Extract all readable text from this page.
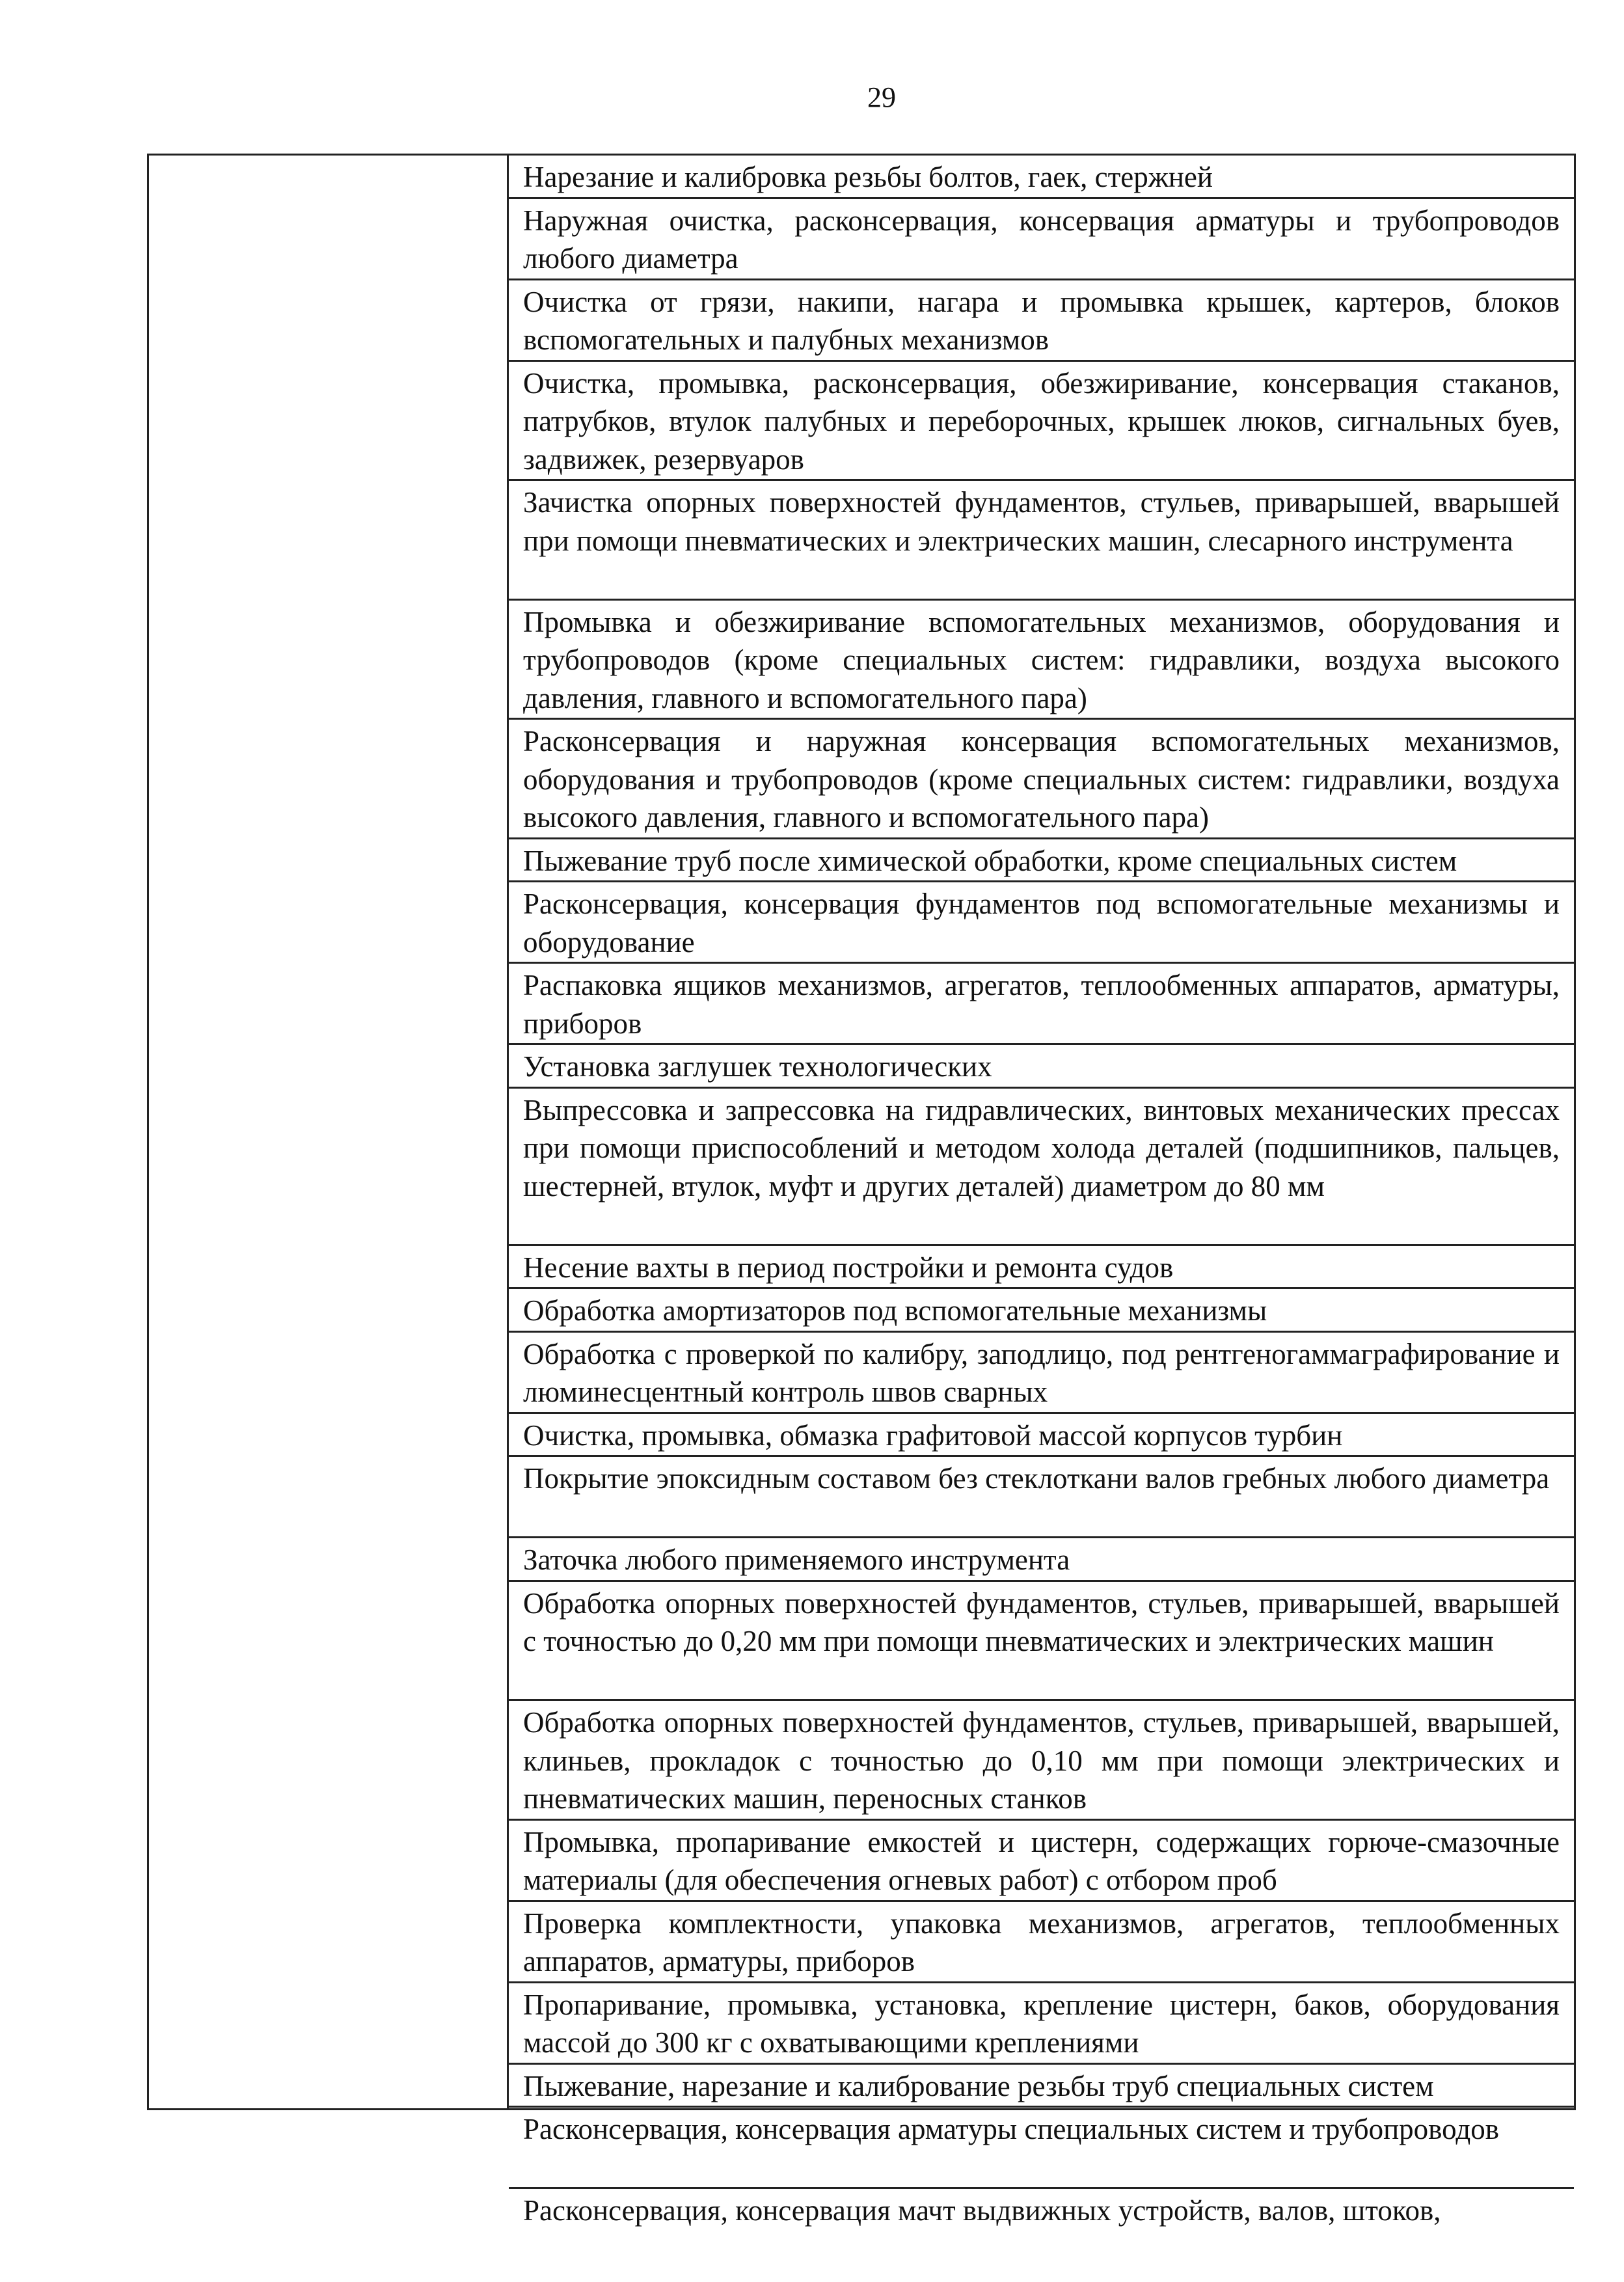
29
Нарезание и калибровка резьбы болтов, гаек, стержней
Наружная очистка, расконсервация, консервация арматуры и трубопроводов любого диаметра
Очистка от грязи, накипи, нагара и промывка крышек, картеров, блоков вспомогательных и палубных механизмов
Очистка, промывка, расконсервация, обезжиривание, консервация стаканов, патрубков, втулок палубных и переборочных, крышек люков, сигнальных буев, задвижек, резервуаров
Зачистка опорных поверхностей фундаментов, стульев, приварышей, вварышей при помощи пневматических и электрических машин, слесарного инструмента
Промывка и обезжиривание вспомогательных механизмов, оборудования и трубопроводов (кроме специальных систем: гидравлики, воздуха высокого давления, главного и вспомогательного пара)
Расконсервация и наружная консервация вспомогательных механизмов, оборудования и трубопроводов (кроме специальных систем: гидравлики, воздуха высокого давления, главного и вспомогательного пара)
Пыжевание труб после химической обработки, кроме специальных систем
Расконсервация, консервация фундаментов под вспомогательные механизмы и оборудование
Распаковка ящиков механизмов, агрегатов, теплообменных аппаратов, арматуры, приборов
Установка заглушек технологических
Выпрессовка и запрессовка на гидравлических, винтовых механических прессах при помощи приспособлений и методом холода деталей (подшипников, пальцев, шестерней, втулок, муфт и других деталей) диаметром до 80 мм
Несение вахты в период постройки и ремонта судов
Обработка амортизаторов под вспомогательные механизмы
Обработка с проверкой по калибру, заподлицо, под рентгеногаммаграфирование и люминесцентный контроль швов сварных
Очистка, промывка, обмазка графитовой массой корпусов турбин
Покрытие эпоксидным составом без стеклоткани валов гребных любого диаметра
Заточка любого применяемого инструмента
Обработка опорных поверхностей фундаментов, стульев, приварышей, вварышей с точностью до 0,20 мм при помощи пневматических и электрических машин
Обработка опорных поверхностей фундаментов, стульев, приварышей, вварышей, клиньев, прокладок с точностью до 0,10 мм при помощи электрических и пневматических машин, переносных станков
Промывка, пропаривание емкостей и цистерн, содержащих горюче-смазочные материалы (для обеспечения огневых работ) с отбором проб
Проверка комплектности, упаковка механизмов, агрегатов, теплообменных аппаратов, арматуры, приборов
Пропаривание, промывка, установка, крепление цистерн, баков, оборудования массой до 300 кг с охватывающими креплениями
Пыжевание, нарезание и калибрование резьбы труб специальных систем
Расконсервация, консервация арматуры специальных систем и трубопроводов
Расконсервация, консервация мачт выдвижных устройств, валов, штоков,
